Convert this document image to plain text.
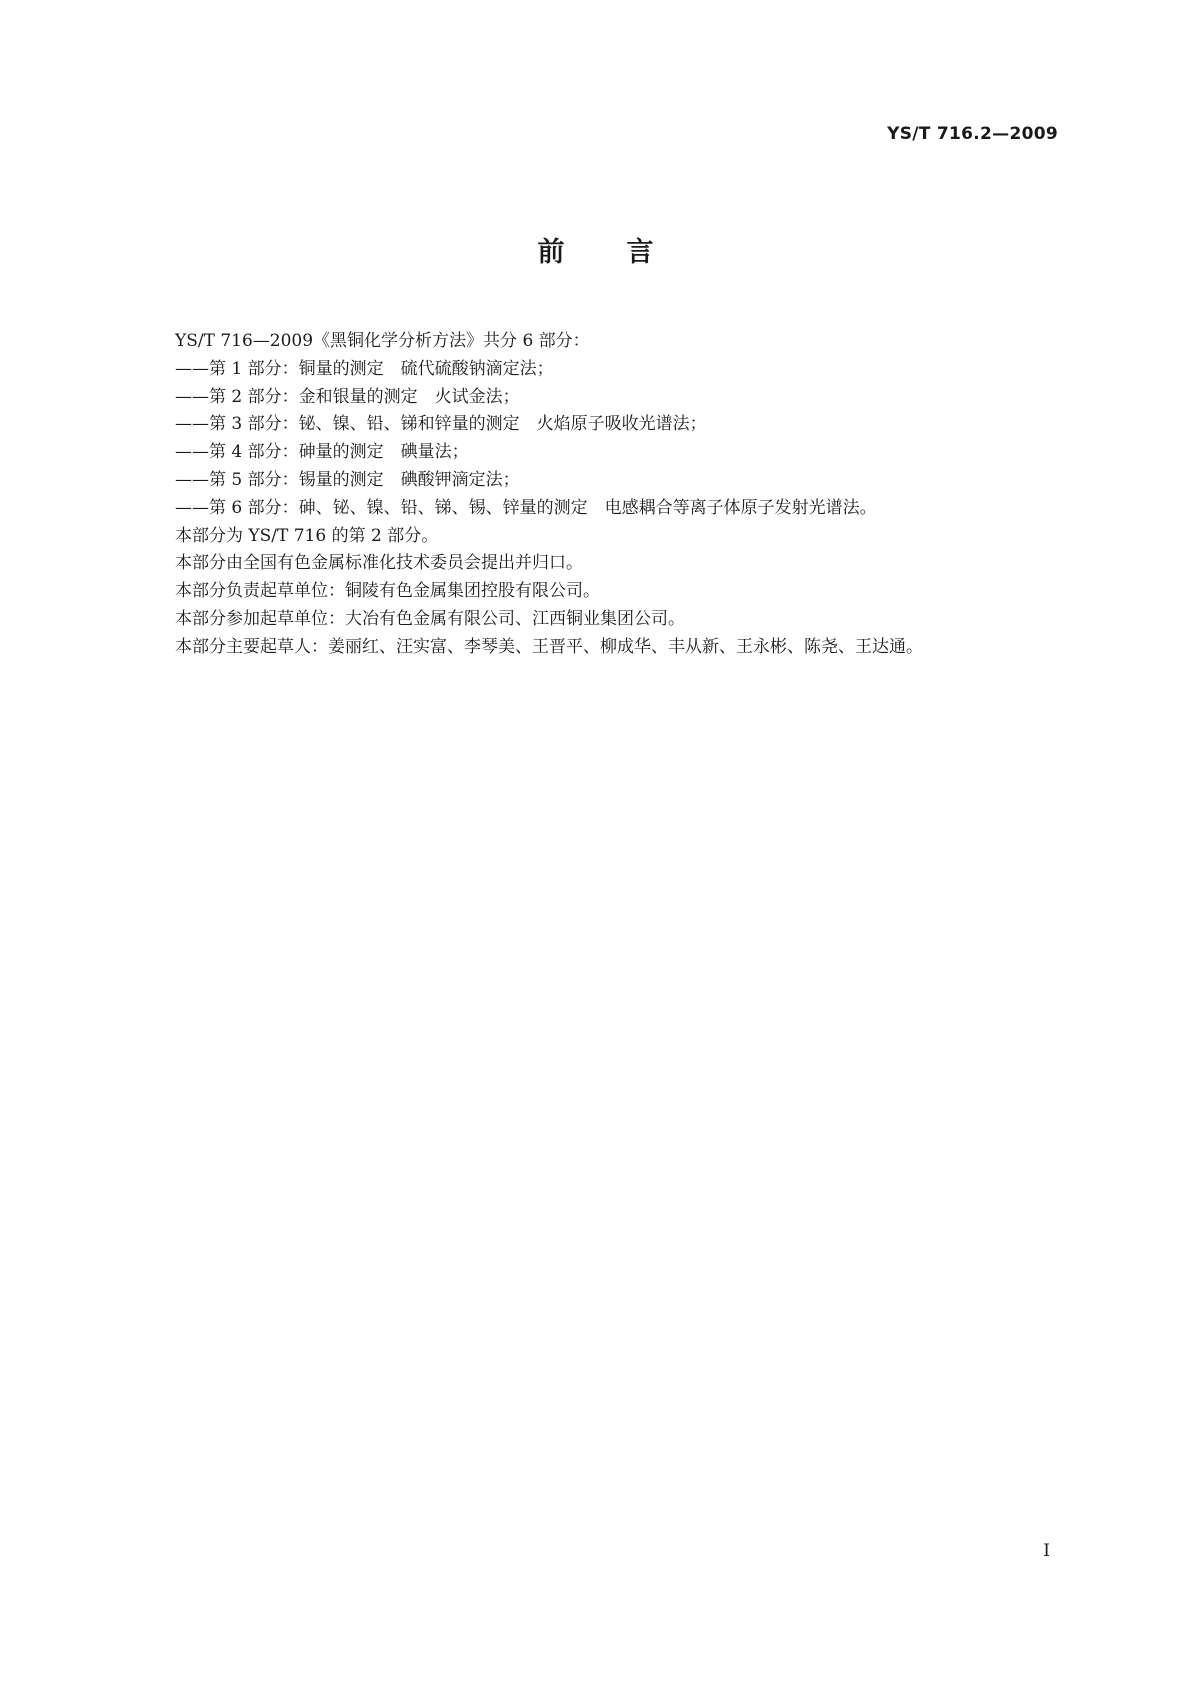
YS/T 716.2—2009
前言
YS/T 716—2009《黑铜化学分析方法》共分 6 部分：
——第 1 部分：铜量的测定　硫代硫酸钠滴定法；
——第 2 部分：金和银量的测定　火试金法；
——第 3 部分：铋、镍、铅、锑和锌量的测定　火焰原子吸收光谱法；
——第 4 部分：砷量的测定　碘量法；
——第 5 部分：锡量的测定　碘酸钾滴定法；
——第 6 部分：砷、铋、镍、铅、锑、锡、锌量的测定　电感耦合等离子体原子发射光谱法。
本部分为 YS/T 716 的第 2 部分。
本部分由全国有色金属标准化技术委员会提出并归口。
本部分负责起草单位：铜陵有色金属集团控股有限公司。
本部分参加起草单位：大冶有色金属有限公司、江西铜业集团公司。
本部分主要起草人：姜丽红、汪实富、李琴美、王晋平、柳成华、丰从新、王永彬、陈尧、王达通。
I
